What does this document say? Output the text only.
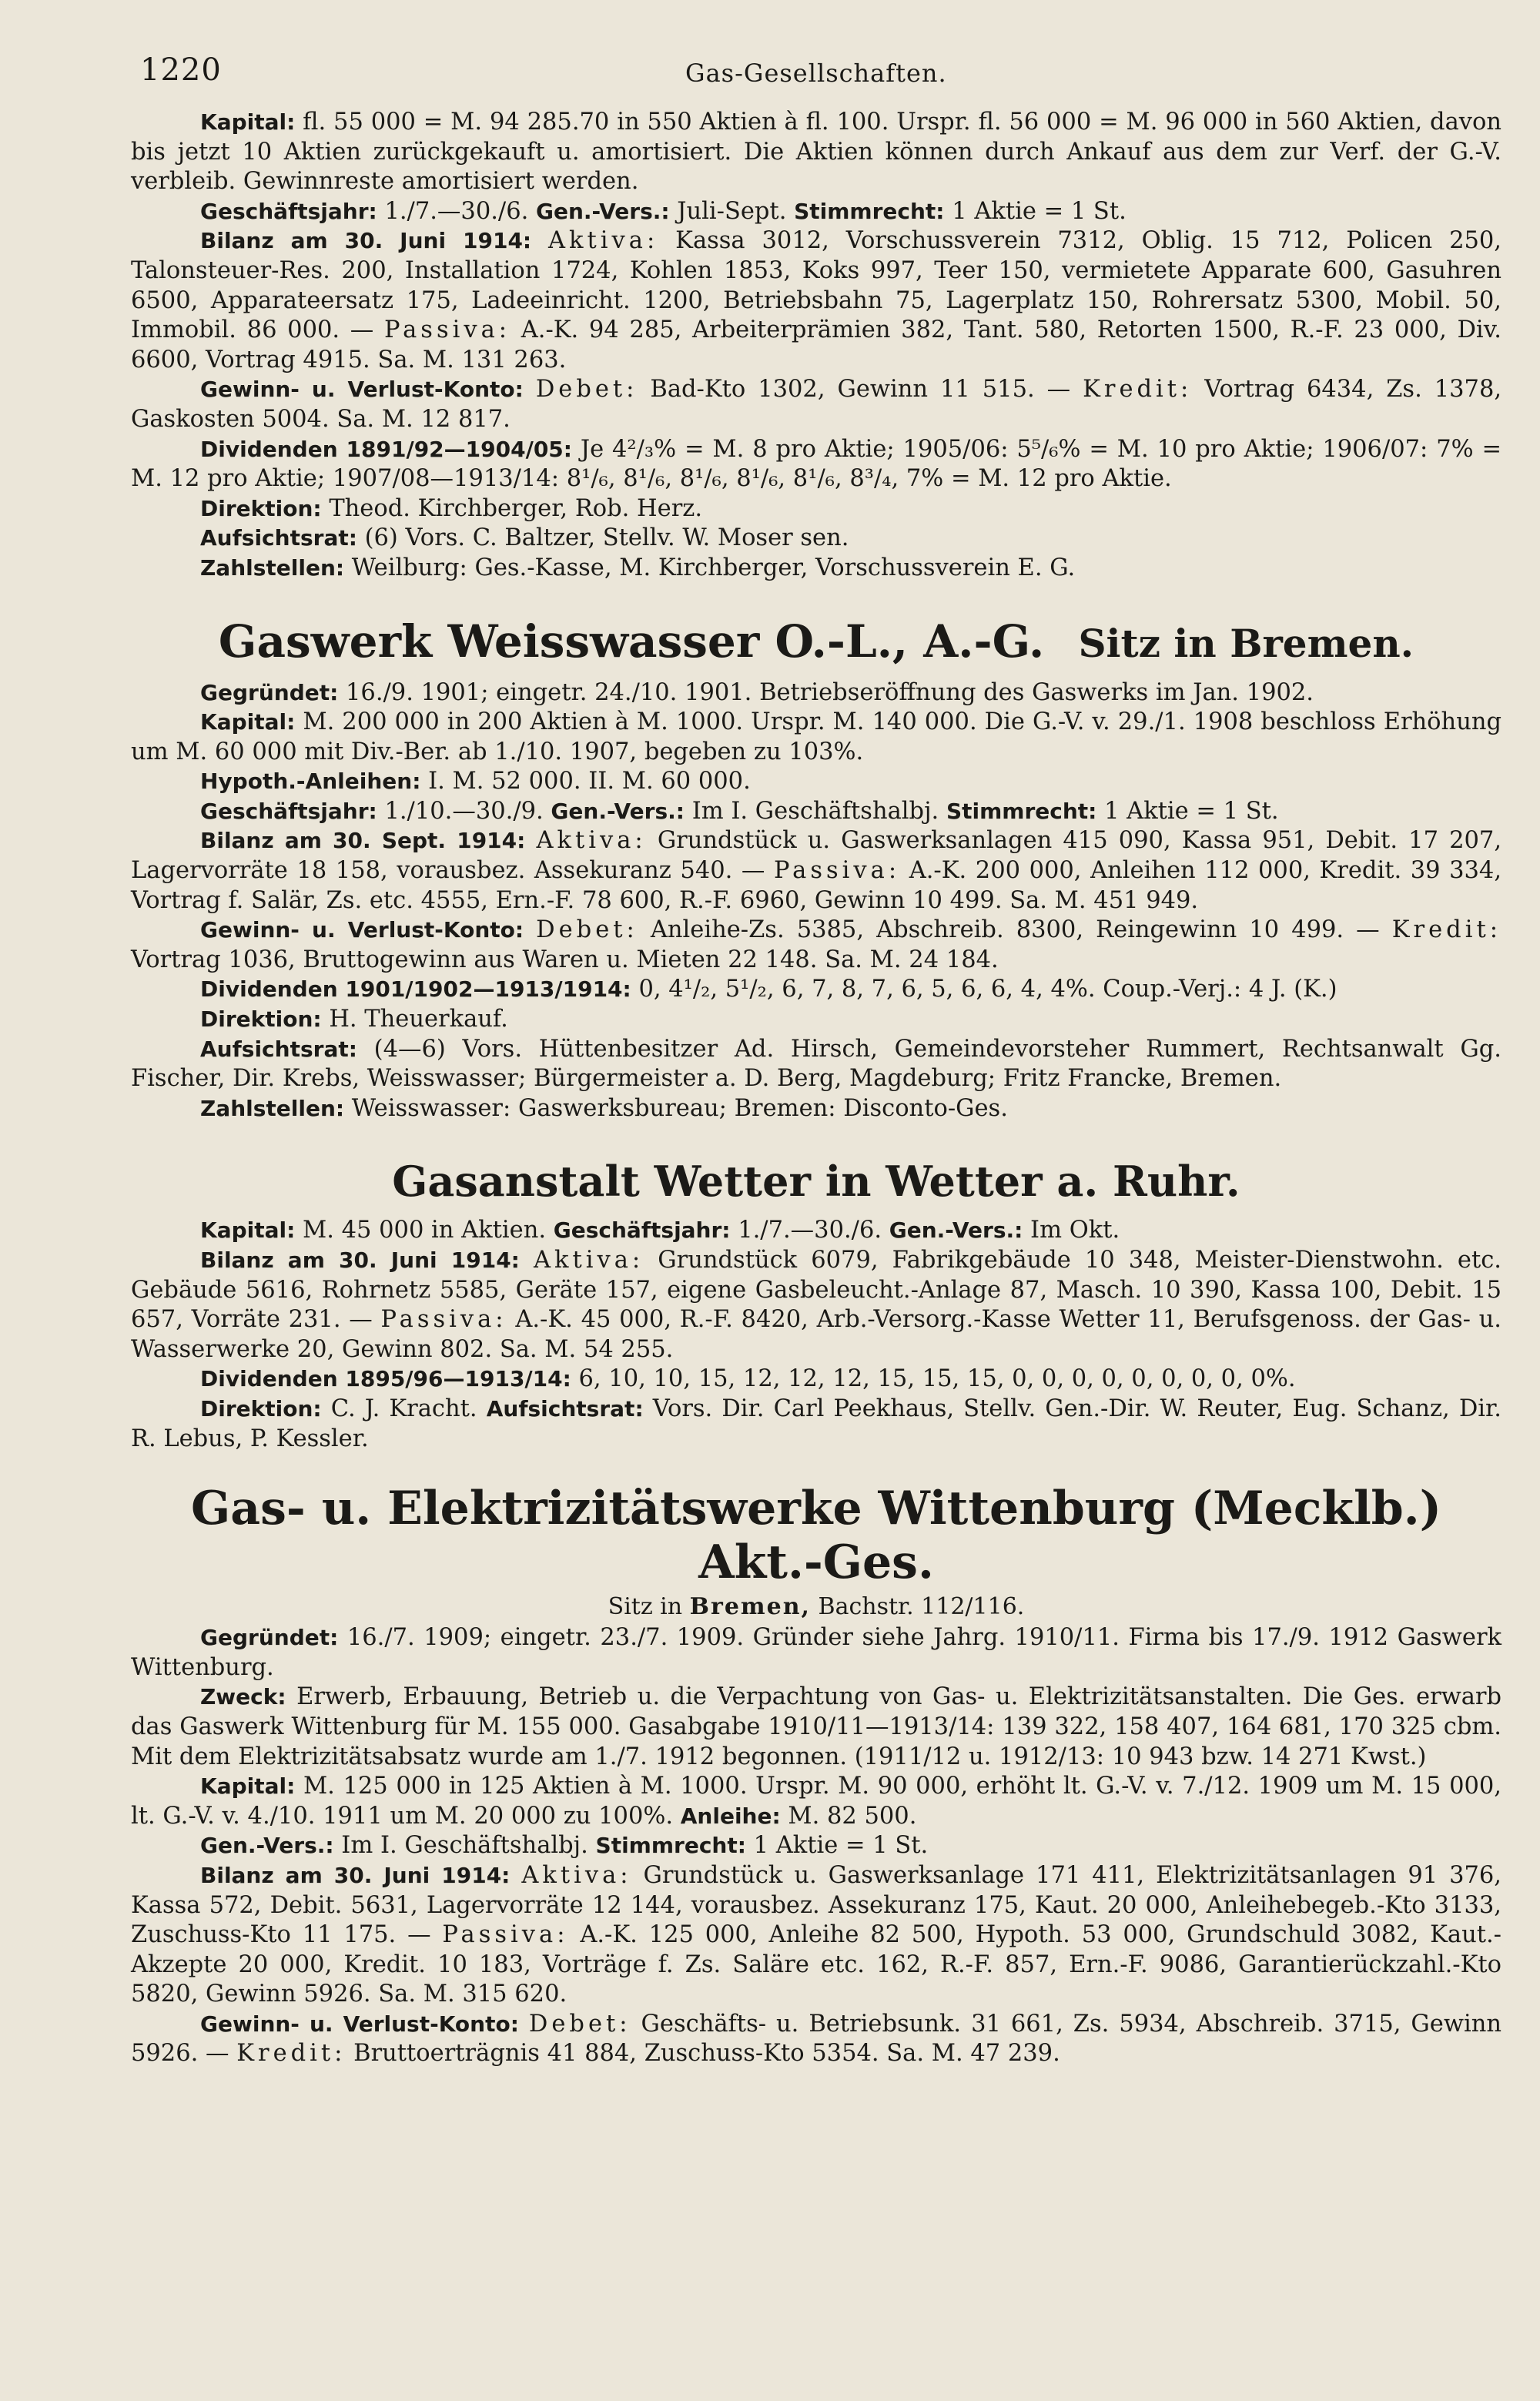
1220	Gas-Gesellschaften.

Kapital: fl. 55 000 = M. 94 285.70 in 550 Aktien à fl. 100. Urspr. fl. 56 000 = M. 96 000 in 560 Aktien, davon bis jetzt 10 Aktien zurückgekauft u. amortisiert. Die Aktien können durch Ankauf aus dem zur Verf. der G.-V. verbleib. Gewinnreste amortisiert werden.

Geschäftsjahr: 1./7.—30./6. Gen.-Vers.: Juli-Sept. Stimmrecht: 1 Aktie = 1 St.

Bilanz am 30. Juni 1914: Aktiva: Kassa 3012, Vorschussverein 7312, Oblig. 15 712, Policen 250, Talonsteuer-Res. 200, Installation 1724, Kohlen 1853, Koks 997, Teer 150, vermietete Apparate 600, Gasuhren 6500, Apparateersatz 175, Ladeeinricht. 1200, Betriebsbahn 75, Lagerplatz 150, Rohrersatz 5300, Mobil. 50, Immobil. 86 000. — Passiva: A.-K. 94 285, Arbeiterprämien 382, Tant. 580, Retorten 1500, R.-F. 23 000, Div. 6600, Vortrag 4915. Sa. M. 131 263.

Gewinn- u. Verlust-Konto: Debet: Bad-Kto 1302, Gewinn 11 515. — Kredit: Vortrag 6434, Zs. 1378, Gaskosten 5004. Sa. M. 12 817.

Dividenden 1891/92—1904/05: Je 4²/₃% = M. 8 pro Aktie; 1905/06: 5⁵/₆% = M. 10 pro Aktie; 1906/07: 7% = M. 12 pro Aktie; 1907/08—1913/14: 8¹/₆, 8¹/₆, 8¹/₆, 8¹/₆, 8¹/₆, 8³/₄, 7% = M. 12 pro Aktie.

Direktion: Theod. Kirchberger, Rob. Herz.

Aufsichtsrat: (6) Vors. C. Baltzer, Stellv. W. Moser sen.

Zahlstellen: Weilburg: Ges.-Kasse, M. Kirchberger, Vorschussverein E. G.

Gaswerk Weisswasser O.-L., A.-G. Sitz in Bremen.

Gegründet: 16./9. 1901; eingetr. 24./10. 1901. Betriebseröffnung des Gaswerks im Jan. 1902.

Kapital: M. 200 000 in 200 Aktien à M. 1000. Urspr. M. 140 000. Die G.-V. v. 29./1. 1908 beschloss Erhöhung um M. 60 000 mit Div.-Ber. ab 1./10. 1907, begeben zu 103%.

Hypoth.-Anleihen: I. M. 52 000. II. M. 60 000.

Geschäftsjahr: 1./10.—30./9. Gen.-Vers.: Im I. Geschäftshalbj. Stimmrecht: 1 Aktie = 1 St.

Bilanz am 30. Sept. 1914: Aktiva: Grundstück u. Gaswerksanlagen 415 090, Kassa 951, Debit. 17 207, Lagervorräte 18 158, vorausbez. Assekuranz 540. — Passiva: A.-K. 200 000, Anleihen 112 000, Kredit. 39 334, Vortrag f. Salär, Zs. etc. 4555, Ern.-F. 78 600, R.-F. 6960, Gewinn 10 499. Sa. M. 451 949.

Gewinn- u. Verlust-Konto: Debet: Anleihe-Zs. 5385, Abschreib. 8300, Reingewinn 10 499. — Kredit: Vortrag 1036, Bruttogewinn aus Waren u. Mieten 22 148. Sa. M. 24 184.

Dividenden 1901/1902—1913/1914: 0, 4¹/₂, 5¹/₂, 6, 7, 8, 7, 6, 5, 6, 6, 4, 4%. Coup.-Verj.: 4 J. (K.)

Direktion: H. Theuerkauf.

Aufsichtsrat: (4—6) Vors. Hüttenbesitzer Ad. Hirsch, Gemeindevorsteher Rummert, Rechtsanwalt Gg. Fischer, Dir. Krebs, Weisswasser; Bürgermeister a. D. Berg, Magdeburg; Fritz Francke, Bremen.

Zahlstellen: Weisswasser: Gaswerksbureau; Bremen: Disconto-Ges.

Gasanstalt Wetter in Wetter a. Ruhr.

Kapital: M. 45 000 in Aktien. Geschäftsjahr: 1./7.—30./6. Gen.-Vers.: Im Okt.

Bilanz am 30. Juni 1914: Aktiva: Grundstück 6079, Fabrikgebäude 10 348, Meister-Dienstwohn. etc. Gebäude 5616, Rohrnetz 5585, Geräte 157, eigene Gasbeleucht.-Anlage 87, Masch. 10 390, Kassa 100, Debit. 15 657, Vorräte 231. — Passiva: A.-K. 45 000, R.-F. 8420, Arb.-Versorg.-Kasse Wetter 11, Berufsgenoss. der Gas- u. Wasserwerke 20, Gewinn 802. Sa. M. 54 255.

Dividenden 1895/96—1913/14: 6, 10, 10, 15, 12, 12, 12, 15, 15, 15, 0, 0, 0, 0, 0, 0, 0, 0, 0%.

Direktion: C. J. Kracht. Aufsichtsrat: Vors. Dir. Carl Peekhaus, Stellv. Gen.-Dir. W. Reuter, Eug. Schanz, Dir. R. Lebus, P. Kessler.

Gas- u. Elektrizitätswerke Wittenburg (Mecklb.) Akt.-Ges.

Sitz in Bremen, Bachstr. 112/116.

Gegründet: 16./7. 1909; eingetr. 23./7. 1909. Gründer siehe Jahrg. 1910/11. Firma bis 17./9. 1912 Gaswerk Wittenburg.

Zweck: Erwerb, Erbauung, Betrieb u. die Verpachtung von Gas- u. Elektrizitätsanstalten. Die Ges. erwarb das Gaswerk Wittenburg für M. 155 000. Gasabgabe 1910/11—1913/14: 139 322, 158 407, 164 681, 170 325 cbm. Mit dem Elektrizitätsabsatz wurde am 1./7. 1912 begonnen. (1911/12 u. 1912/13: 10 943 bzw. 14 271 Kwst.)

Kapital: M. 125 000 in 125 Aktien à M. 1000. Urspr. M. 90 000, erhöht lt. G.-V. v. 7./12. 1909 um M. 15 000, lt. G.-V. v. 4./10. 1911 um M. 20 000 zu 100%. Anleihe: M. 82 500.

Gen.-Vers.: Im I. Geschäftshalbj. Stimmrecht: 1 Aktie = 1 St.

Bilanz am 30. Juni 1914: Aktiva: Grundstück u. Gaswerksanlage 171 411, Elektrizitätsanlagen 91 376, Kassa 572, Debit. 5631, Lagervorräte 12 144, vorausbez. Assekuranz 175, Kaut. 20 000, Anleihebegeb.-Kto 3133, Zuschuss-Kto 11 175. — Passiva: A.-K. 125 000, Anleihe 82 500, Hypoth. 53 000, Grundschuld 3082, Kaut.-Akzepte 20 000, Kredit. 10 183, Vorträge f. Zs. Saläre etc. 162, R.-F. 857, Ern.-F. 9086, Garantierückzahl.-Kto 5820, Gewinn 5926. Sa. M. 315 620.

Gewinn- u. Verlust-Konto: Debet: Geschäfts- u. Betriebsunk. 31 661, Zs. 5934, Abschreib. 3715, Gewinn 5926. — Kredit: Bruttoerträgnis 41 884, Zuschuss-Kto 5354. Sa. M. 47 239.
